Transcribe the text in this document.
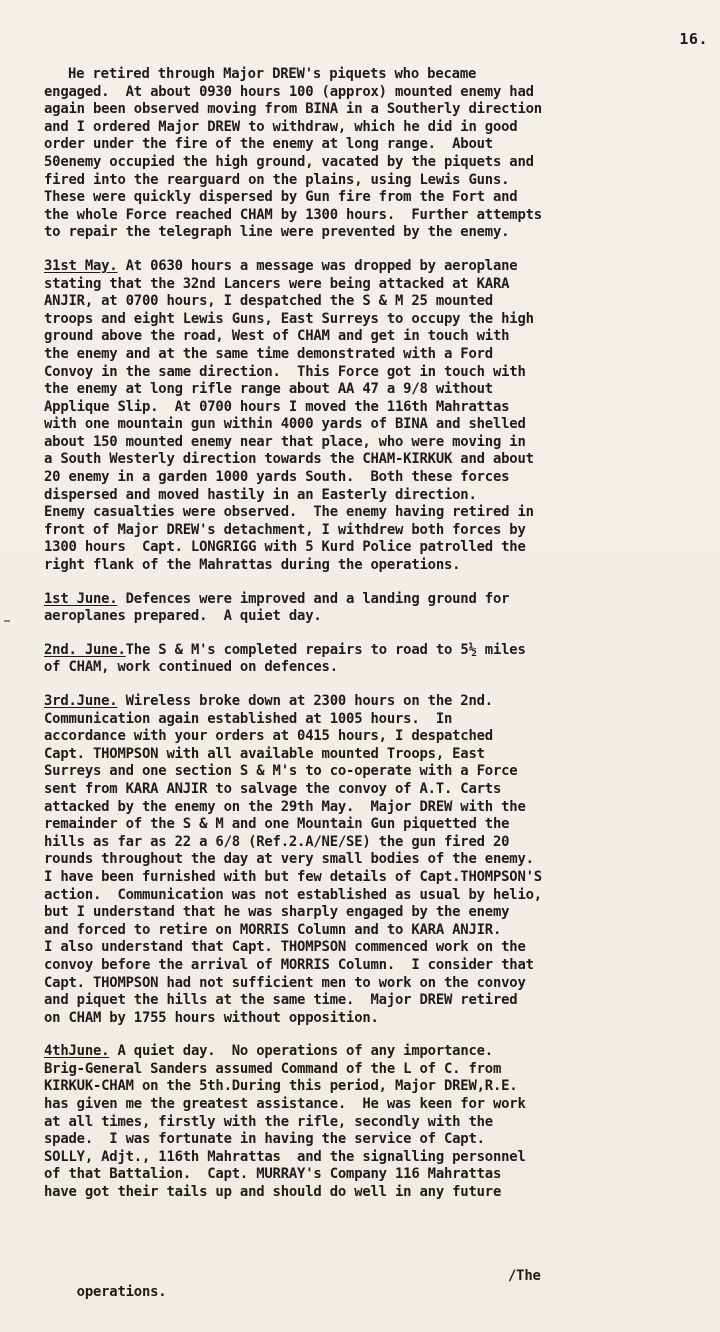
16.
He retired through Major DREW's piquets who became
engaged.  At about 0930 hours 100 (approx) mounted enemy had
again been observed moving from BINA in a Southerly direction
and I ordered Major DREW to withdraw, which he did in good
order under the fire of the enemy at long range.  About
50enemy occupied the high ground, vacated by the piquets and
fired into the rearguard on the plains, using Lewis Guns.
These were quickly dispersed by Gun fire from the Fort and
the whole Force reached CHAM by 1300 hours.  Further attempts
to repair the telegraph line were prevented by the enemy.
31st May. At 0630 hours a message was dropped by aeroplane
stating that the 32nd Lancers were being attacked at KARA
ANJIR, at 0700 hours, I despatched the S & M 25 mounted
troops and eight Lewis Guns, East Surreys to occupy the high
ground above the road, West of CHAM and get in touch with
the enemy and at the same time demonstrated with a Ford
Convoy in the same direction.  This Force got in touch with
the enemy at long rifle range about AA 47 a 9/8 without
Applique Slip.  At 0700 hours I moved the 116th Mahrattas
with one mountain gun within 4000 yards of BINA and shelled
about 150 mounted enemy near that place, who were moving in
a South Westerly direction towards the CHAM-KIRKUK and about
20 enemy in a garden 1000 yards South.  Both these forces
dispersed and moved hastily in an Easterly direction.
Enemy casualties were observed.  The enemy having retired in
front of Major DREW's detachment, I withdrew both forces by
1300 hours  Capt. LONGRIGG with 5 Kurd Police patrolled the
right flank of the Mahrattas during the operations.
1st June. Defences were improved and a landing ground for
aeroplanes prepared.  A quiet day.
2nd. June.The S & M's completed repairs to road to 5½ miles
of CHAM, work continued on defences.
3rd.June. Wireless broke down at 2300 hours on the 2nd.
Communication again established at 1005 hours.  In
accordance with your orders at 0415 hours, I despatched
Capt. THOMPSON with all available mounted Troops, East
Surreys and one section S & M's to co-operate with a Force
sent from KARA ANJIR to salvage the convoy of A.T. Carts
attacked by the enemy on the 29th May.  Major DREW with the
remainder of the S & M and one Mountain Gun piquetted the
hills as far as 22 a 6/8 (Ref.2.A/NE/SE) the gun fired 20
rounds throughout the day at very small bodies of the enemy.
I have been furnished with but few details of Capt.THOMPSON'S
action.  Communication was not established as usual by helio,
but I understand that he was sharply engaged by the enemy
and forced to retire on MORRIS Column and to KARA ANJIR.
I also understand that Capt. THOMPSON commenced work on the
convoy before the arrival of MORRIS Column.  I consider that
Capt. THOMPSON had not sufficient men to work on the convoy
and piquet the hills at the same time.  Major DREW retired
on CHAM by 1755 hours without opposition.
4thJune. A quiet day.  No operations of any importance.
Brig-General Sanders assumed Command of the L of C. from
KIRKUK-CHAM on the 5th.During this period, Major DREW,R.E.
has given me the greatest assistance.  He was keen for work
at all times, firstly with the rifle, secondly with the
spade.  I was fortunate in having the service of Capt.
SOLLY, Adjt., 116th Mahrattas  and the signalling personnel
of that Battalion.  Capt. MURRAY's Company 116 Mahrattas
have got their tails up and should do well in any future

operations.

/The
